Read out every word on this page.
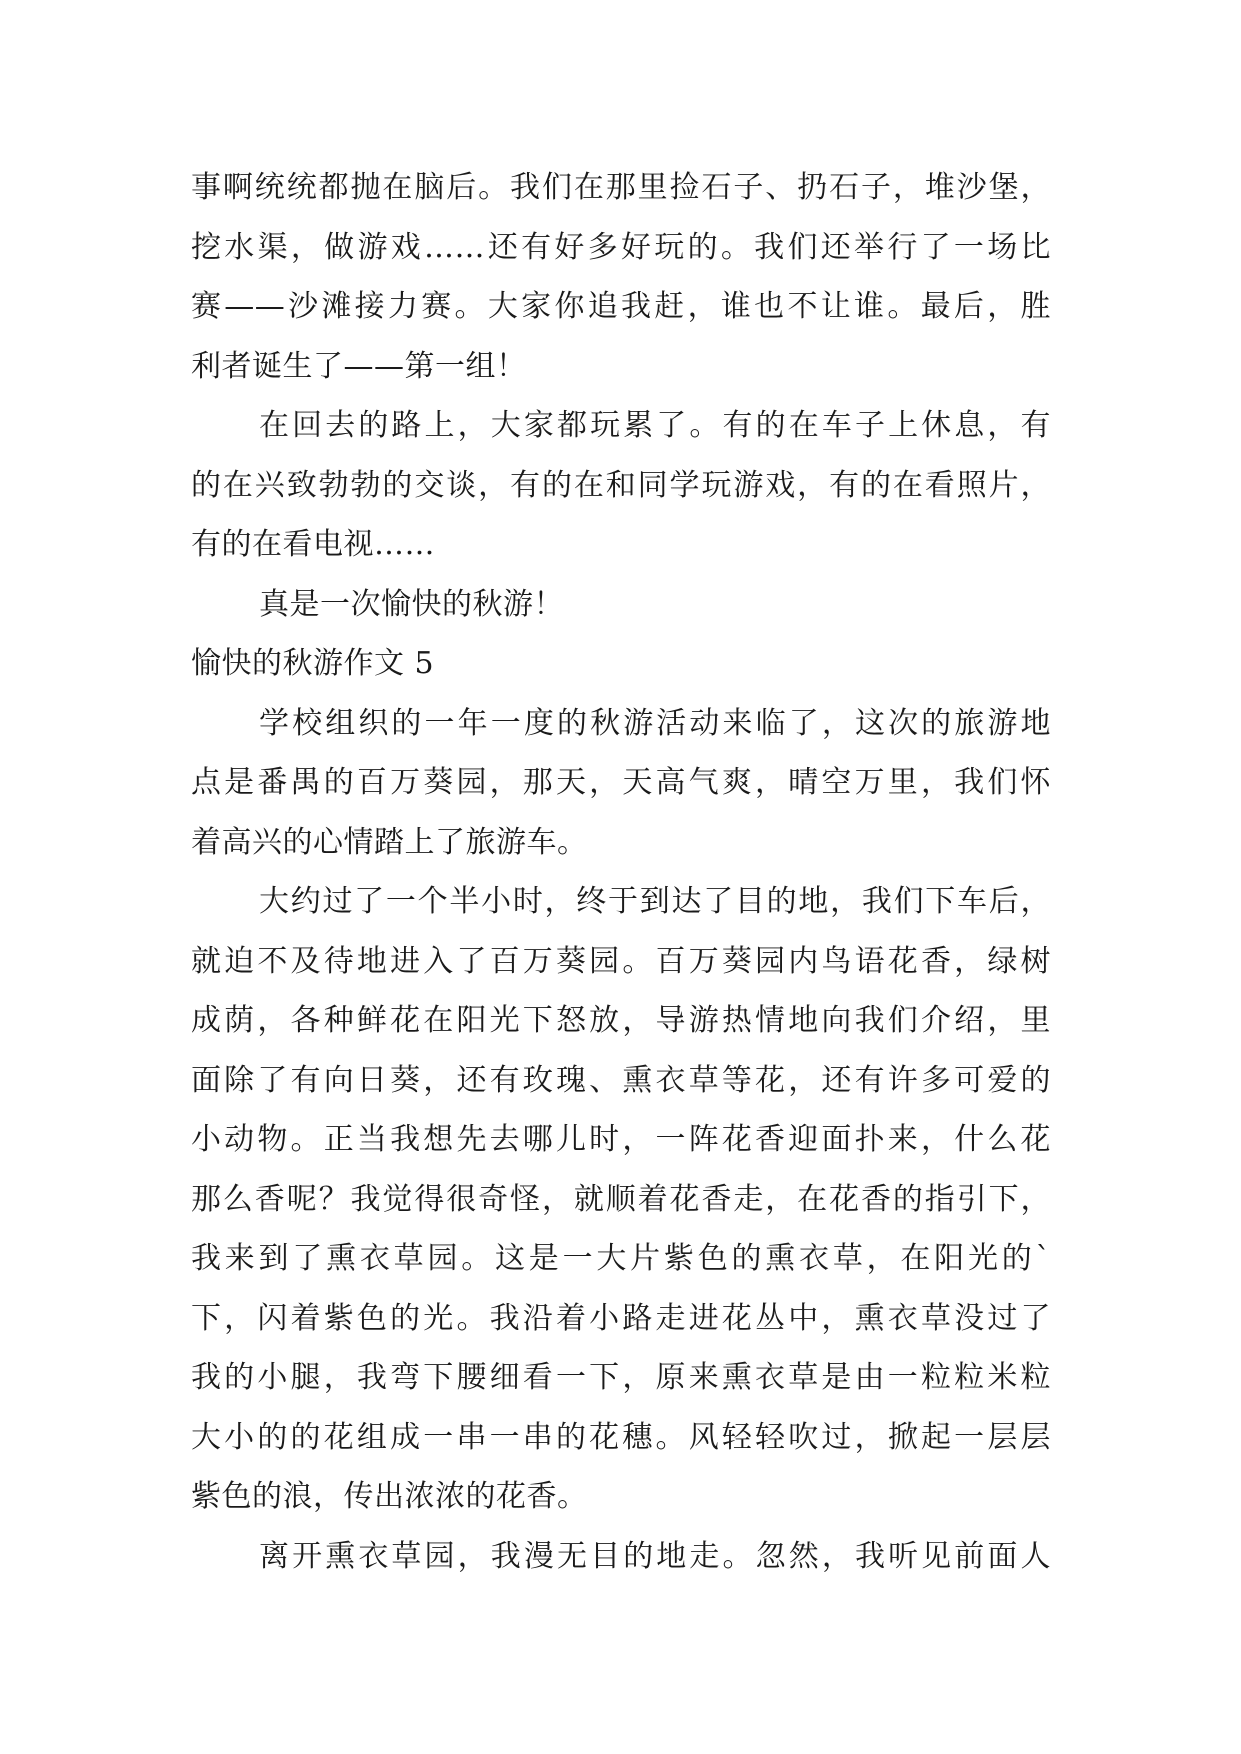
事啊统统都抛在脑后。我们在那里捡石子、扔石子，堆沙堡，
挖水渠，做游戏……还有好多好玩的。我们还举行了一场比
赛——沙滩接力赛。大家你追我赶，谁也不让谁。最后，胜
利者诞生了——第一组！
在回去的路上，大家都玩累了。有的在车子上休息，有
的在兴致勃勃的交谈，有的在和同学玩游戏，有的在看照片，
有的在看电视……
真是一次愉快的秋游！
愉快的秋游作文 5
学校组织的一年一度的秋游活动来临了，这次的旅游地
点是番禺的百万葵园，那天，天高气爽，晴空万里，我们怀
着高兴的心情踏上了旅游车。
大约过了一个半小时，终于到达了目的地，我们下车后，
就迫不及待地进入了百万葵园。百万葵园内鸟语花香，绿树
成荫，各种鲜花在阳光下怒放，导游热情地向我们介绍，里
面除了有向日葵，还有玫瑰、熏衣草等花，还有许多可爱的
小动物。正当我想先去哪儿时，一阵花香迎面扑来，什么花
那么香呢？我觉得很奇怪，就顺着花香走，在花香的指引下，
我来到了熏衣草园。这是一大片紫色的熏衣草，在阳光的`
下，闪着紫色的光。我沿着小路走进花丛中，熏衣草没过了
我的小腿，我弯下腰细看一下，原来熏衣草是由一粒粒米粒
大小的的花组成一串一串的花穗。风轻轻吹过，掀起一层层
紫色的浪，传出浓浓的花香。
离开熏衣草园，我漫无目的地走。忽然，我听见前面人
